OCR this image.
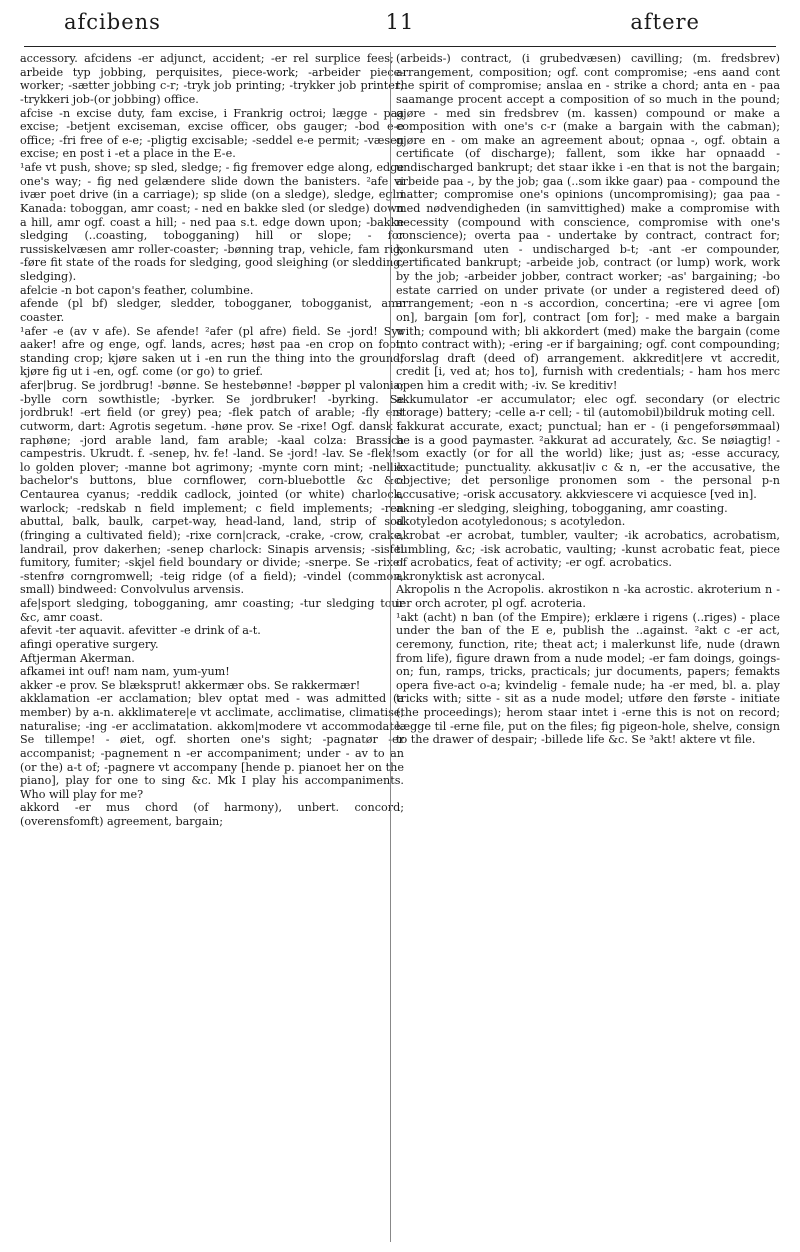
afcibens	11	aftere

accessory. afcidens -er adjunct, accident; -er rel surplice fees; -arbeide typ jobbing, perquisites, piece-work; -arbeider piece-worker; -sætter jobbing c-r; -tryk job printing; -trykker job printer; -trykkeri job-(or jobbing) office.

afcise -n excise duty, fam excise, i Frankrig octroi; lægge - paa excise; -betjent exciseman, excise officer, obs gauger; -bod e-e office; -fri free of e-e; -pligtig excisable; -seddel e-e permit; -væsen excise; en post i -et a place in the E-e.

¹afe vt push, shove; sp sled, sledge; - fig fremover edge along, edge one's way; - fig ned gelændere slide down the banisters. ²afe vi ivær poet drive (in a carriage); sp slide (on a sledge), sledge, egl i Kanada: toboggan, amr coast; - ned en bakke sled (or sledge) down a hill, amr ogf. coast a hill; - ned paa s.t. edge down upon; -bakke sledging (..coasting, tobogganing) hill or slope; - for russiskelvæsen amr roller-coaster; -bønning trap, vehicle, fam rig; -føre fit state of the roads for sledging, good sleighing (or sledding, sledging).

afelcie -n bot capon's feather, columbine.

afende (pl bf) sledger, sledder, tobogganer, tobogganist, amr coaster.

¹afer -e (av v afe). Se afende! ²afer (pl afre) field. Se -jord! Syv aaker! afre og enge, ogf. lands, acres; høst paa -en crop on foot, standing crop; kjøre saken ut i -en run the thing into the ground; kjøre fig ut i -en, ogf. come (or go) to grief.

afer|brug. Se jordbrug! -bønne. Se hestebønne! -bøpper pl valonia; -bylle corn sowthistle; -byrker. Se jordbruker! -byrking. Se jordbruk! -ert field (or grey) pea; -flek patch of arable; -fly ent cutworm, dart: Agrotis segetum. -høne prov. Se -rixe! Ogf. dansk f. raphøne; -jord arable land, fam arable; -kaal colza: Brassica campestris. Ukrudt. f. -senep, hv. fe! -land. Se -jord! -lav. Se -flek! -lo golden plover; -manne bot agrimony; -mynte corn mint; -nellik bachelor's buttons, blue cornflower, corn-bluebottle &c &c: Centaurea cyanus; -reddik cadlock, jointed (or white) charlock, warlock; -redskab n field implement; c field implements; -ren abuttal, balk, baulk, carpet-way, head-land, land, strip of sod (fringing a cultivated field); -rixe corn|crack, -crake, -crow, crake, landrail, prov dakerhen; -senep charlock: Sinapis arvensis; -sisfel fumitory, fumiter; -skjel field boundary or divide; -snerpe. Se -rixe! -stenfrø corngromwell; -teig ridge (of a field); -vindel (common, small) bindweed: Convolvulus arvensis.

afe|sport sledging, tobogganing, amr coasting; -tur sledging tour &c, amr coast.

afevit -ter aquavit. afevitter -e drink of a-t.

afingi operative surgery.

Aftjerman Akerman.

afkamei int ouf! nam nam, yum-yum!

akker -e prov. Se blæksprut! akkermær obs. Se rakkermær!

akklamation -er acclamation; blev optat med - was admitted (a member) by a-n. akklimatere|e vt acclimate, acclimatise, climatise, naturalise; -ing -er acclimatation. akkom|modere vt accommodate. Se tillempe! - øiet, ogf. shorten one's sight; -pagnatør -er accompanist; -pagnement n -er accompaniment; under - av to an (or the) a-t of; -pagnere vt accompany [hende p. pianoet her on the piano], play for one to sing &c. Mk I play his accompaniments. Who will play for me?

akkord -er mus chord (of harmony), unbert. concord; (overensfomft) agreement, bargain;

(arbeids-) contract, (i grubedvæsen) cavilling; (m. fredsbrev) arrangement, composition; ogf. cont compromise; -ens aand cont the spirit of compromise; anslaa en - strike a chord; anta en - paa saamange procent accept a composition of so much in the pound; gjøre - med sin fredsbrev (m. kassen) compound or make a composition with one's c-r (make a bargain with the cabman); gjøre en - om make an agreement about; opnaa -, ogf. obtain a certificate (of discharge); fallent, som ikke har opnaadd - undischarged bankrupt; det staar ikke i -en that is not the bargain; arbeide paa -, by the job; gaa (..som ikke gaar) paa - compound the matter; compromise one's opinions (uncompromising); gaa paa - med nødvendigheden (in samvittighed) make a compromise with necessity (compound with conscience, compromise with one's conscience); overta paa - undertake by contract, contract for; konkursmand uten - undischarged b-t; -ant -er compounder, certificated bankrupt; -arbeide job, contract (or lump) work, work by the job; -arbeider jobber, contract worker; -as' bargaining; -bo estate carried on under private (or under a registered deed of) arrangement; -eon n -s accordion, concertina; -ere vi agree [om on], bargain [om for], contract [om for]; - med make a bargain with; compound with; bli akkordert (med) make the bargain (come into contract with); -ering -er if bargaining; ogf. cont compounding; -forslag draft (deed of) arrangement. akkredit|ere vt accredit, credit [i, ved at; hos to], furnish with credentials; - ham hos merc open him a credit with; -iv. Se kreditiv!

akkumulator -er accumulator; elec ogf. secondary (or electric storage) battery; -celle a-r cell; - til (automobil)bildruk moting cell.

¹akkurat accurate, exact; punctual; han er - (i pengeforsømmaal) he is a good paymaster. ²akkurat ad accurately, &c. Se nøiagtig! - som exactly (or for all the world) like; just as; -esse accuracy, exactitude; punctuality. akkusat|iv c & n, -er the accusative, the objective; det personlige pronomen som - the personal p-n accusative; -orisk accusatory. akkviescere vi acquiesce [ved in].

akning -er sledging, sleighing, tobogganing, amr coasting.

akotyledon acotyledonous; s acotyledon.

akrobat -er acrobat, tumbler, vaulter; -ik acrobatics, acrobatism, tumbling, &c; -isk acrobatic, vaulting; -kunst acrobatic feat, piece of acrobatics, feat of activity; -er ogf. acrobatics.

akronyktisk ast acronycal.

Akropolis n the Acropolis. akrostikon n -ka acrostic. akroterium n -ier orch acroter, pl ogf. acroteria.

¹akt (acht) n ban (of the Empire); erklære i rigens (..riges) - place under the ban of the E e, publish the ..against. ²akt c -er act, ceremony, function, rite; theat act; i malerkunst life, nude (drawn from life), figure drawn from a nude model; -er fam doings, goings-on; fun, ramps, tricks, practicals; jur documents, papers; femakts opera five-act o-a; kvindelig - female nude; ha -er med, bl. a. play tricks with; sitte - sit as a nude model; utføre den første - initiate (the proceedings); herom staar intet i -erne this is not on record; lægge til -erne file, put on the files; fig pigeon-hole, shelve, consign to the drawer of despair; -billede life &c. Se ³akt! aktere vt file.
